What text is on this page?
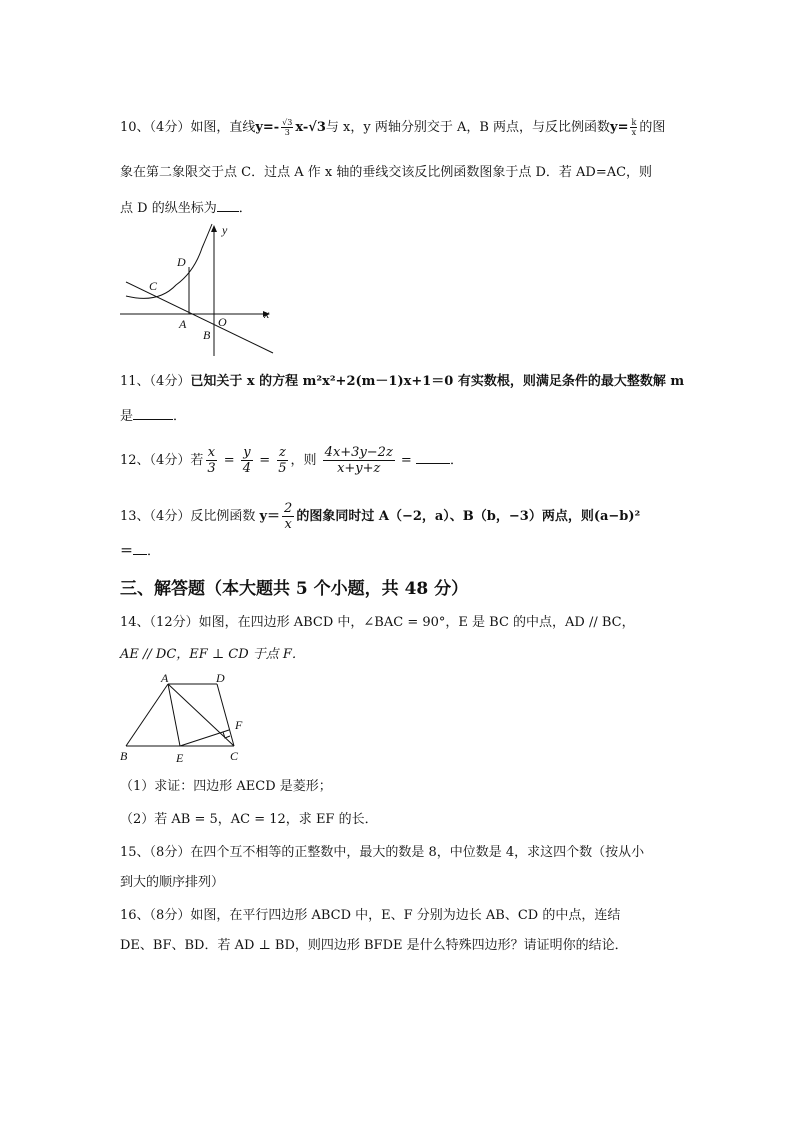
10、（4分）如图，直线$y=- \frac{√3}{3} x-√3$与 x，y 两轴分别交于 A，B 两点，与反比例函数$y= \frac{k}{x}$ 的图
象在第二象限交于点 C．过点 A 作 x 轴的垂线交该反比例函数图象于点 D．若 AD=AC，则
点 D 的纵坐标为 ．
y
x
D
C
A	O
B
11、（4分）已知关于 x 的方程 m²x²+2(m－1)x+1＝0 有实数根，则满足条件的最大整数解 m
是	．
12、（4分）若 $\frac{x}{3} = \frac{y}{4} = \frac{z}{5}$ ，则 $\frac{4x+3y-2z}{x+y+z}$ =	．
13、（4分）反比例函数 $y= \frac{2}{x}$ 的图象同时过 A（−2，a）、B（b，−3）两点，则(a−b)²
＝ ．
三、解答题（本大题共 5 个小题，共 48 分）
14、（12分）如图，在四边形 ABCD 中，∠BAC = 90°，E 是 BC 的中点，AD // BC，
AE // DC，EF ⊥ CD 于点 F．
A	D
F
B	E	C
（1）求证：四边形 AECD 是菱形；
（2）若 AB = 5，AC = 12，求 EF 的长．
15、（8分）在四个互不相等的正整数中，最大的数是 8，中位数是 4，求这四个数（按从小
到大的顺序排列）
16、（8分）如图，在平行四边形 ABCD 中，E、F 分别为边长 AB、CD 的中点，连结
DE、BF、BD．若 AD ⊥ BD，则四边形 BFDE 是什么特殊四边形？请证明你的结论．
